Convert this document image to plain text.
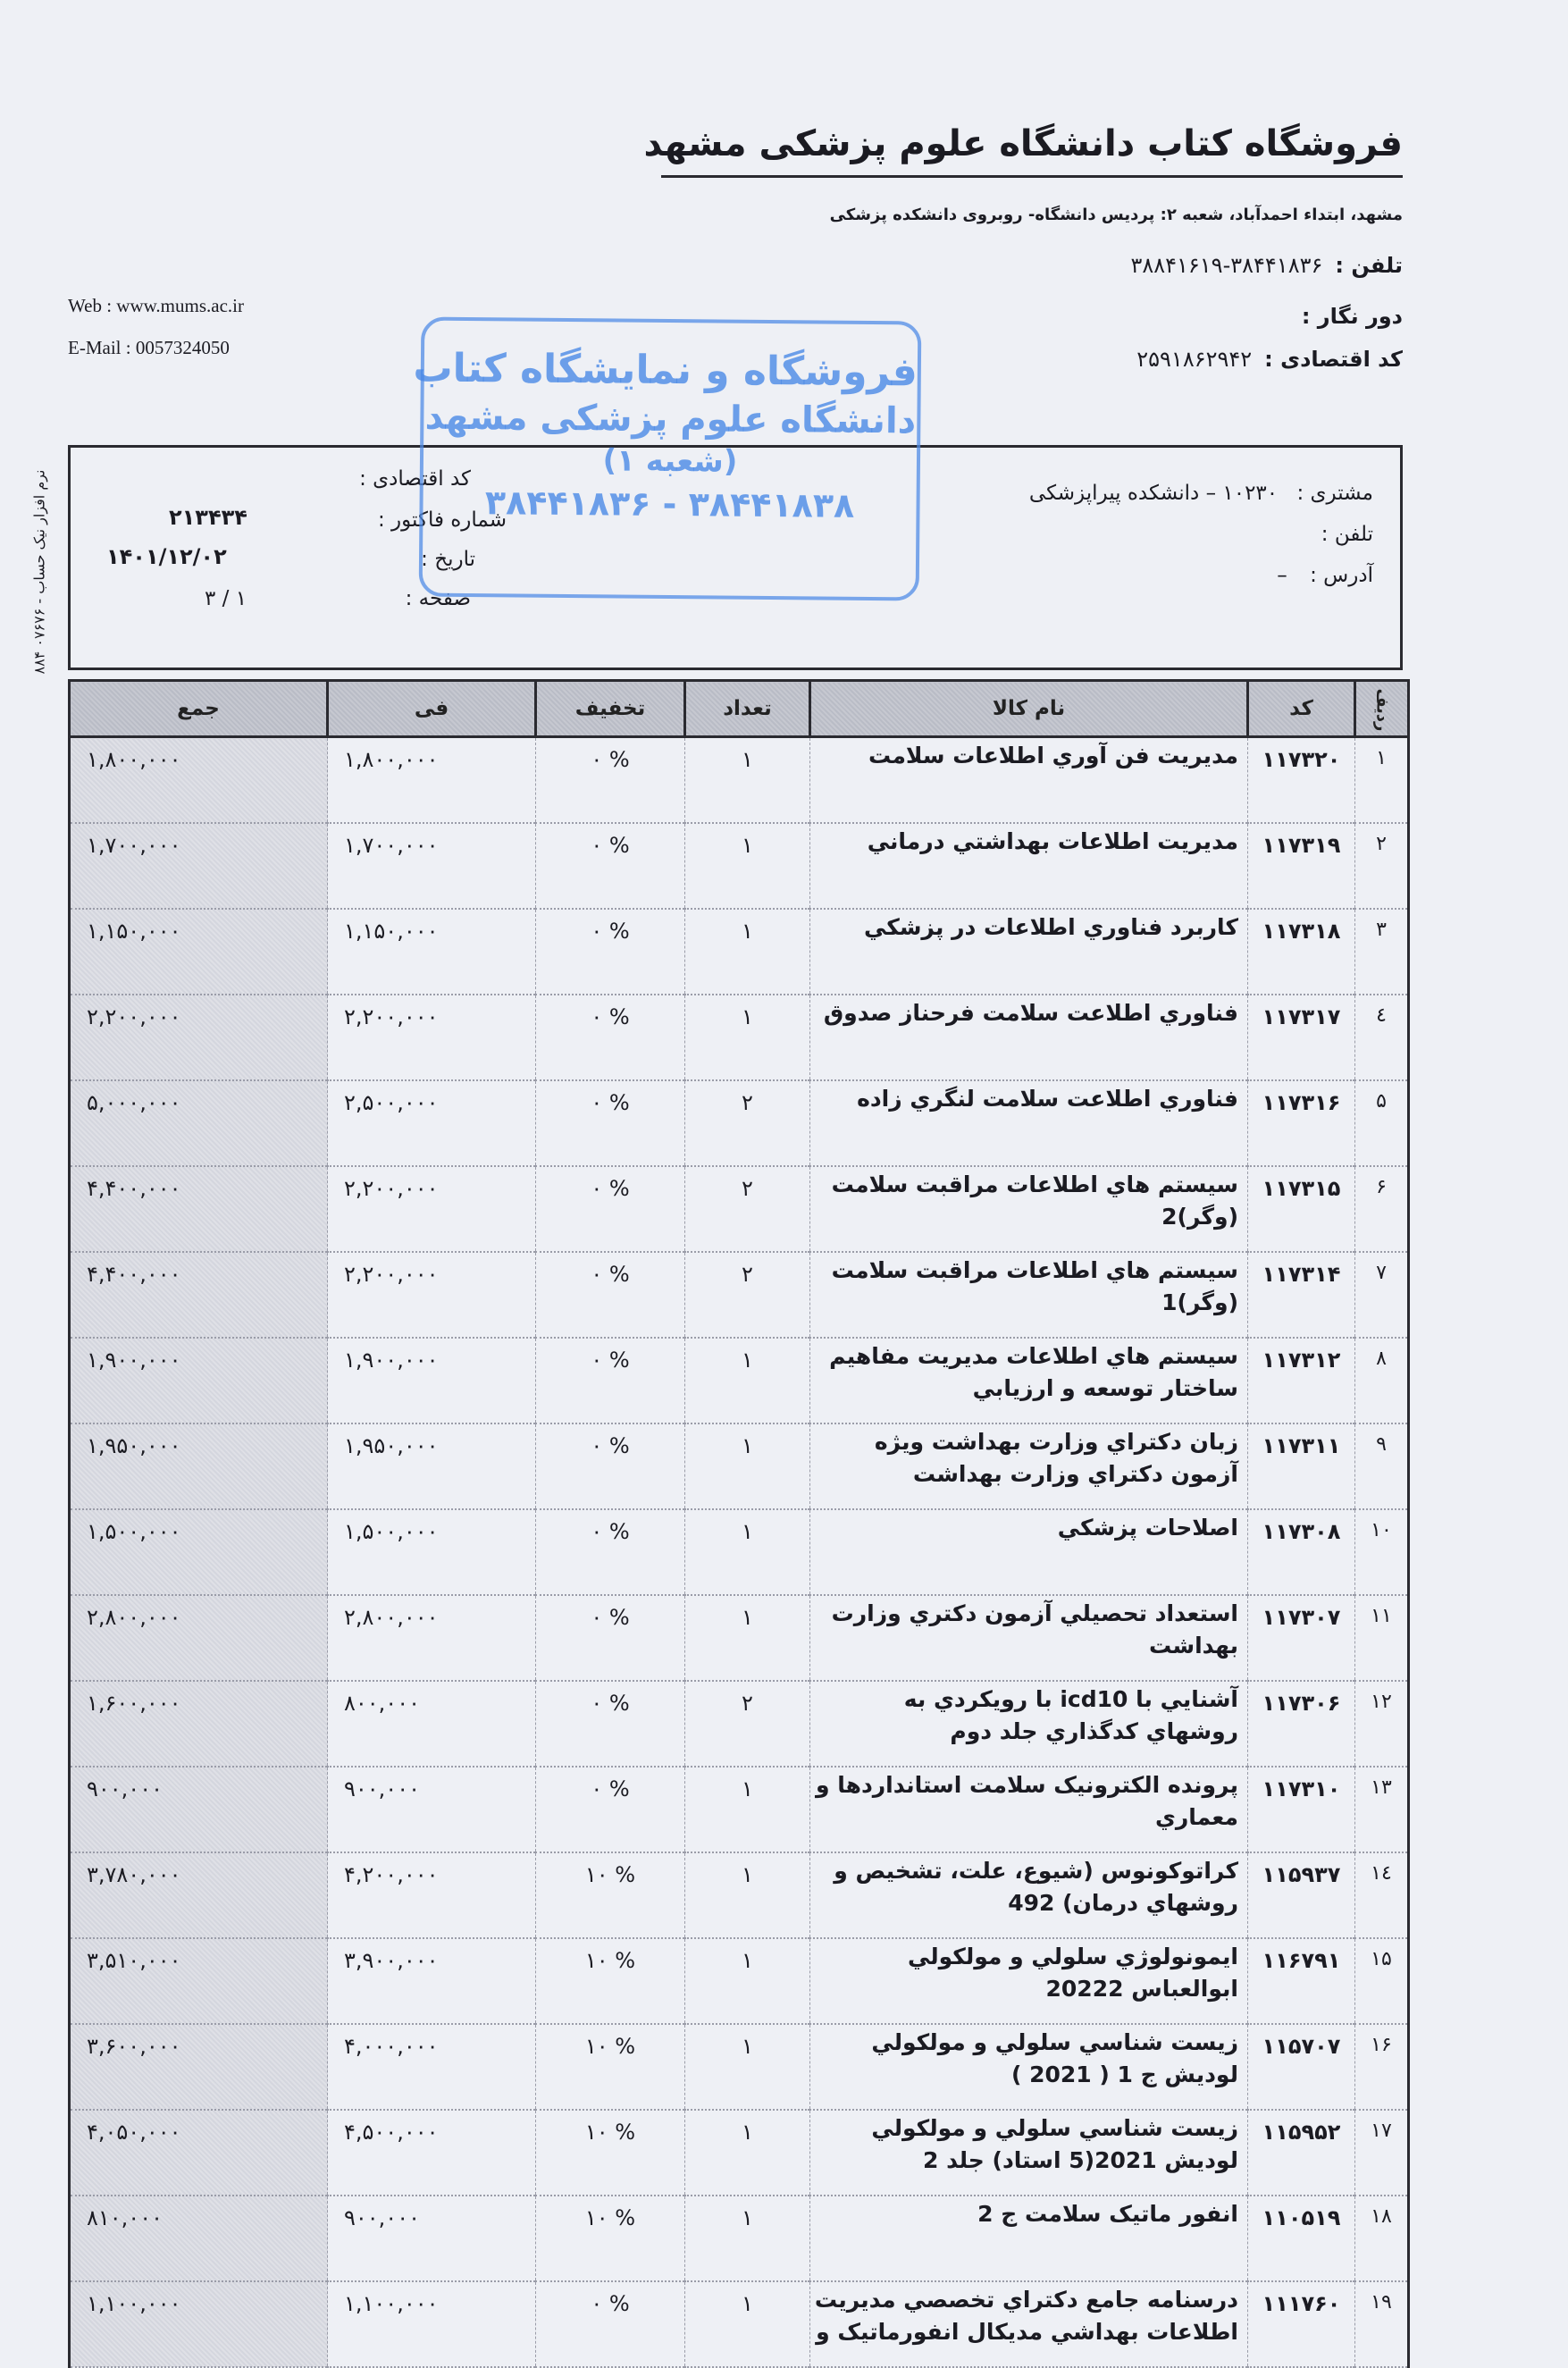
فروشگاه کتاب دانشگاه علوم پزشکی مشهد
مشهد، ابتداء احمدآباد، شعبه ۲: پردیس دانشگاه- روبروی دانشکده پزشکی
تلفن :۳۸۴۴۱۸۳۶-۳۸۸۴۱۶۱۹
دور نگار :
کد اقتصادی :۲۵۹۱۸۶۲۹۴۲
Web : www.mums.ac.ir
E-Mail : 0057324050
نرم افزار نیک حساب - ۰۷۶۷۶ ۸۸۴	مشتری : ۱۰۲۳۰ – دانشکده پیراپزشکی
تلفن :
آدرس : –
کد اقتصادی :
شماره فاکتور :
۲۱۳۴۳۴
تاریخ :
۱۴۰۱/۱۲/۰۲
صفحه :
۱ / ۳
فروشگاه و نمایشگاه کتاب
دانشگاه علوم پزشکی مشهد
(شعبه ۱)
۳۸۴۴۱۸۳۸ - ۳۸۴۴۱۸۳۶
ردیف	کد	نام کالا	تعداد	تخفیف	فی	جمع
۱	۱۱۷۳۲۰	مدیریت فن آوري اطلاعات سلامت	۱	% ۰	۱,۸۰۰,۰۰۰	۱,۸۰۰,۰۰۰
۲	۱۱۷۳۱۹	مدیریت اطلاعات بهداشتي درماني	۱	% ۰	۱,۷۰۰,۰۰۰	۱,۷۰۰,۰۰۰
۳	۱۱۷۳۱۸	كاربرد فناوري اطلاعات در پزشكي	۱	% ۰	۱,۱۵۰,۰۰۰	۱,۱۵۰,۰۰۰
٤	۱۱۷۳۱۷	فناوري اطلاعت سلامت فرحناز صدوق	۱	% ۰	۲,۲۰۰,۰۰۰	۲,۲۰۰,۰۰۰
۵	۱۱۷۳۱۶	فناوري اطلاعت سلامت لنگري زاده	۲	% ۰	۲,۵۰۰,۰۰۰	۵,۰۰۰,۰۰۰
۶	۱۱۷۳۱۵	سيستم هاي اطلاعات مراقبت سلامت (وگر)2	۲	% ۰	۲,۲۰۰,۰۰۰	۴,۴۰۰,۰۰۰
۷	۱۱۷۳۱۴	سيستم هاي اطلاعات مراقبت سلامت (وگر)1	۲	% ۰	۲,۲۰۰,۰۰۰	۴,۴۰۰,۰۰۰
۸	۱۱۷۳۱۲	سيستم هاي اطلاعات مديريت مفاهيم ساختار توسعه و ارزيابي	۱	% ۰	۱,۹۰۰,۰۰۰	۱,۹۰۰,۰۰۰
۹	۱۱۷۳۱۱	زبان دكتراي وزارت بهداشت ويژه آزمون دكتراي وزارت بهداشت	۱	% ۰	۱,۹۵۰,۰۰۰	۱,۹۵۰,۰۰۰
۱۰	۱۱۷۳۰۸	اصلاحات پزشكي	۱	% ۰	۱,۵۰۰,۰۰۰	۱,۵۰۰,۰۰۰
۱۱	۱۱۷۳۰۷	استعداد تحصيلي آزمون دكتري وزارت بهداشت	۱	% ۰	۲,۸۰۰,۰۰۰	۲,۸۰۰,۰۰۰
۱۲	۱۱۷۳۰۶	آشنايي با icd10 با رويكردي به روشهاي كدگذاري جلد دوم	۲	% ۰	۸۰۰,۰۰۰	۱,۶۰۰,۰۰۰
۱۳	۱۱۷۳۱۰	پرونده الكترونيک سلامت استانداردها و معماري	۱	% ۰	۹۰۰,۰۰۰	۹۰۰,۰۰۰
۱٤	۱۱۵۹۳۷	كراتوكونوس (شيوع، علت، تشخيص و روشهاي درمان) 492	۱	% ۱۰	۴,۲۰۰,۰۰۰	۳,۷۸۰,۰۰۰
۱۵	۱۱۶۷۹۱	ايمونولوژي سلولي و مولكولي ابوالعباس 20222	۱	% ۱۰	۳,۹۰۰,۰۰۰	۳,۵۱۰,۰۰۰
۱۶	۱۱۵۷۰۷	زيست شناسي سلولي و مولكولي لوديش ج 1 ( 2021 )	۱	% ۱۰	۴,۰۰۰,۰۰۰	۳,۶۰۰,۰۰۰
۱۷	۱۱۵۹۵۲	زيست شناسي سلولي و مولكولي لوديش 2021(5 استاد) جلد 2	۱	% ۱۰	۴,۵۰۰,۰۰۰	۴,۰۵۰,۰۰۰
۱۸	۱۱۰۵۱۹	انفور ماتيک سلامت ج 2	۱	% ۱۰	۹۰۰,۰۰۰	۸۱۰,۰۰۰
۱۹	۱۱۱۷۶۰	درسنامه جامع دكتراي تخصصي مديريت اطلاعات بهداشي مديكال انفورماتيک و	۱	% ۰	۱,۱۰۰,۰۰۰	۱,۱۰۰,۰۰۰
